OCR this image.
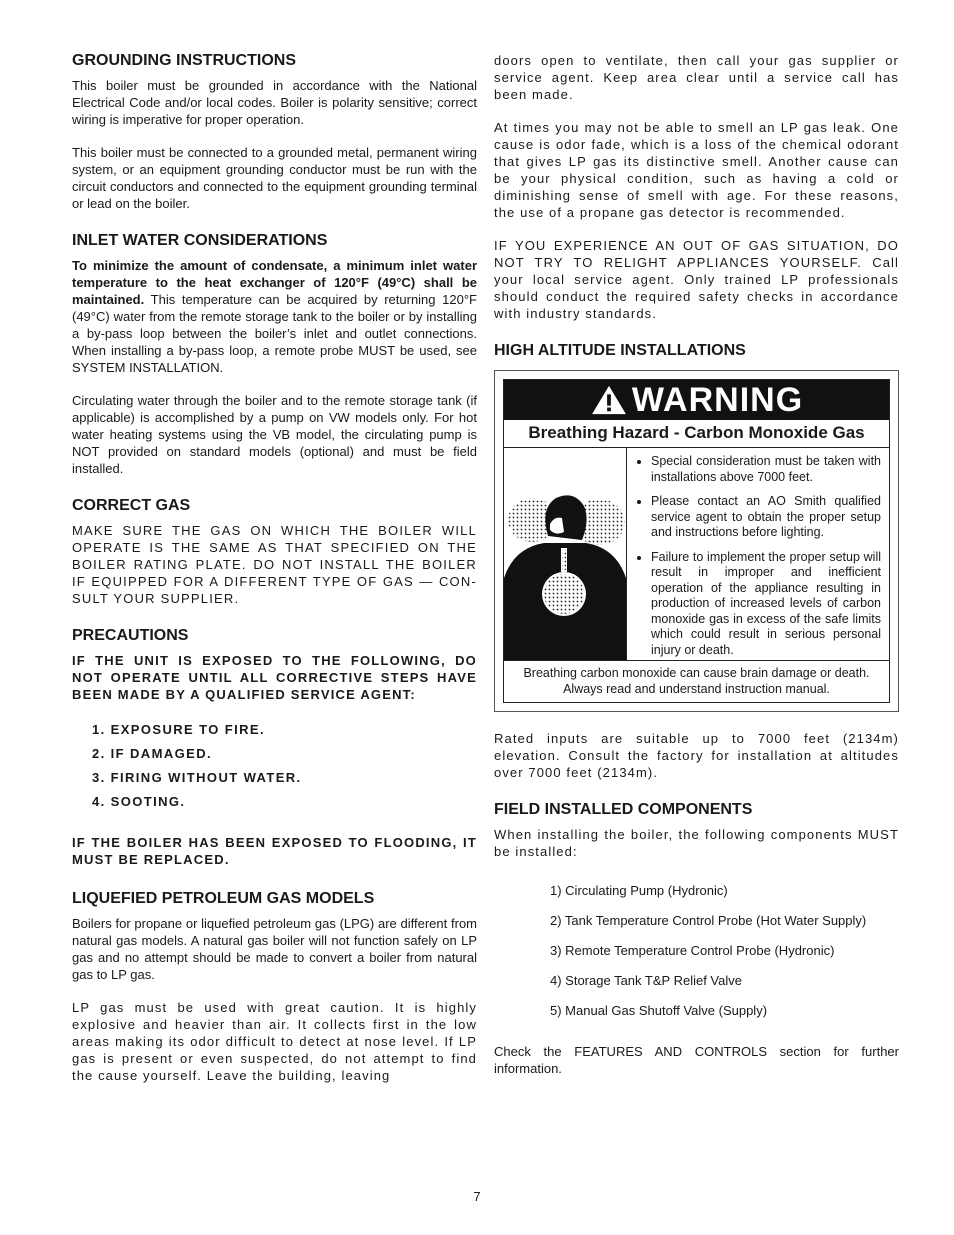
GROUNDING INSTRUCTIONS

This boiler must be grounded in accordance with the National Electrical Code and/or local codes. Boiler is polarity sensitive; correct wiring is imperative for proper operation.

This boiler must be connected to a grounded metal, permanent wiring system, or an equipment grounding conductor must be run with the circuit conductors and connected to the equipment grounding terminal or lead on the boiler.

INLET WATER CONSIDERATIONS

To minimize the amount of condensate, a minimum inlet water temperature to the heat exchanger of 120°F (49°C) shall be maintained. This temperature can be acquired by returning 120°F (49°C) water from the remote storage tank to the boiler or by installing a by-pass loop between the boiler’s inlet and outlet connections. When installing a by-pass loop, a remote probe MUST be used, see SYSTEM INSTALLATION.

Circulating water through the boiler and to the remote storage tank (if applicable) is accomplished by a pump on VW models only. For hot water heating systems using the VB model, the circulating pump is NOT provided on standard models (optional) and must be field installed.

CORRECT GAS

MAKE SURE THE GAS ON WHICH THE BOILER WILL OPERATE IS THE SAME AS THAT SPECIFIED ON THE BOILER RATING PLATE. DO NOT INSTALL THE BOILER IF EQUIPPED FOR A DIFFERENT TYPE OF GAS — CON-SULT YOUR SUPPLIER.

PRECAUTIONS

IF THE UNIT IS EXPOSED TO THE FOLLOWING, DO NOT OPERATE UNTIL ALL CORRECTIVE STEPS HAVE BEEN MADE BY A QUALIFIED SERVICE AGENT:

1. EXPOSURE TO FIRE.
2. IF DAMAGED.
3. FIRING WITHOUT WATER.
4. SOOTING.

IF THE BOILER HAS BEEN EXPOSED TO FLOODING, IT MUST BE REPLACED.

LIQUEFIED PETROLEUM GAS MODELS

Boilers for propane or liquefied petroleum gas (LPG) are different from natural gas models. A natural gas boiler will not function safely on LP gas and no attempt should be made to convert a boiler from natural gas to LP gas.

LP gas must be used with great caution. It is highly explosive and heavier than air. It collects first in the low areas making its odor difficult to detect at nose level. If LP gas is present or even suspected, do not attempt to find the cause yourself. Leave the building, leaving

doors open to ventilate, then call your gas supplier or service agent. Keep area clear until a service call has been made.

At times you may not be able to smell an LP gas leak. One cause is odor fade, which is a loss of the chemical odorant that gives LP gas its distinctive smell. Another cause can be your physical condition, such as having a cold or diminishing sense of smell with age. For these reasons, the use of a propane gas detector is recommended.

IF YOU EXPERIENCE AN OUT OF GAS SITUATION, DO NOT TRY TO RELIGHT APPLIANCES YOURSELF. Call your local service agent. Only trained LP professionals should conduct the required safety checks in accordance with industry standards.

HIGH ALTITUDE INSTALLATIONS
WARNING
Breathing Hazard - Carbon Monoxide Gas
• Special consideration must be taken with installations above 7000 feet.
• Please contact an AO Smith qualified service agent to obtain the proper setup and instructions before lighting.
• Failure to implement the proper setup will result in improper and inefficient operation of the appliance resulting in production of increased levels of carbon monoxide gas in excess of the safe limits which could result in serious personal injury or death.
Breathing carbon monoxide can cause brain damage or death.
Always read and understand instruction manual.

Rated inputs are suitable up to 7000 feet (2134m) elevation. Consult the factory for installation at altitudes over 7000 feet (2134m).

FIELD INSTALLED COMPONENTS

When installing the boiler, the following components MUST be installed:

1) Circulating Pump (Hydronic)
2) Tank Temperature Control Probe (Hot Water Supply)
3) Remote Temperature Control Probe (Hydronic)
4) Storage Tank T&P Relief Valve
5) Manual Gas Shutoff Valve (Supply)

Check the FEATURES AND CONTROLS section for further information.

7
